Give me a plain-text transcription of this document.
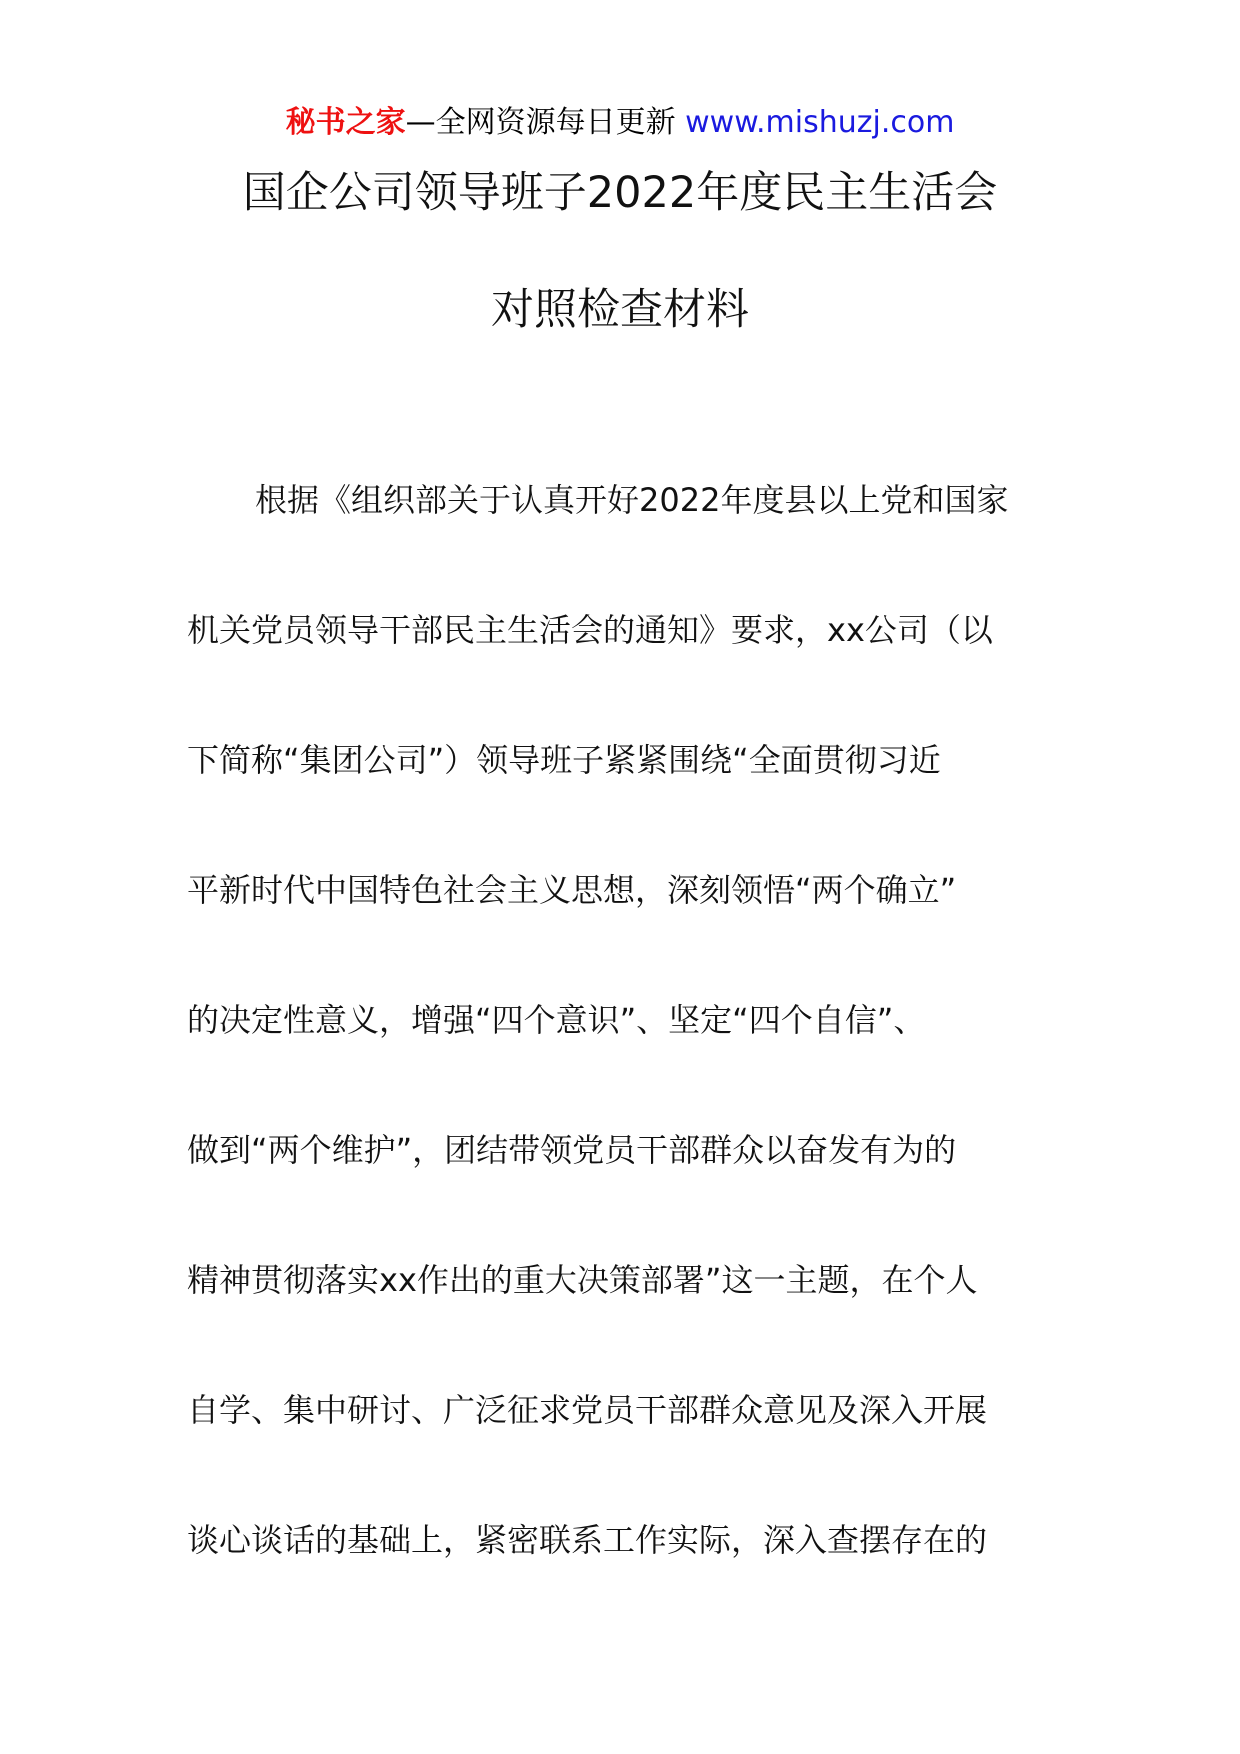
秘书之家—全网资源每日更新 www.mishuzj.com
国企公司领导班子2022年度民主生活会
对照检查材料
根据《组织部关于认真开好2022年度县以上党和国家
机关党员领导干部民主生活会的通知》要求，xx公司（以
下简称“集团公司”）领导班子紧紧围绕“全面贯彻习近
平新时代中国特色社会主义思想，深刻领悟“两个确立”
的决定性意义，增强“四个意识”、坚定“四个自信”、
做到“两个维护”，团结带领党员干部群众以奋发有为的
精神贯彻落实xx作出的重大决策部署”这一主题，在个人
自学、集中研讨、广泛征求党员干部群众意见及深入开展
谈心谈话的基础上，紧密联系工作实际，深入查摆存在的
